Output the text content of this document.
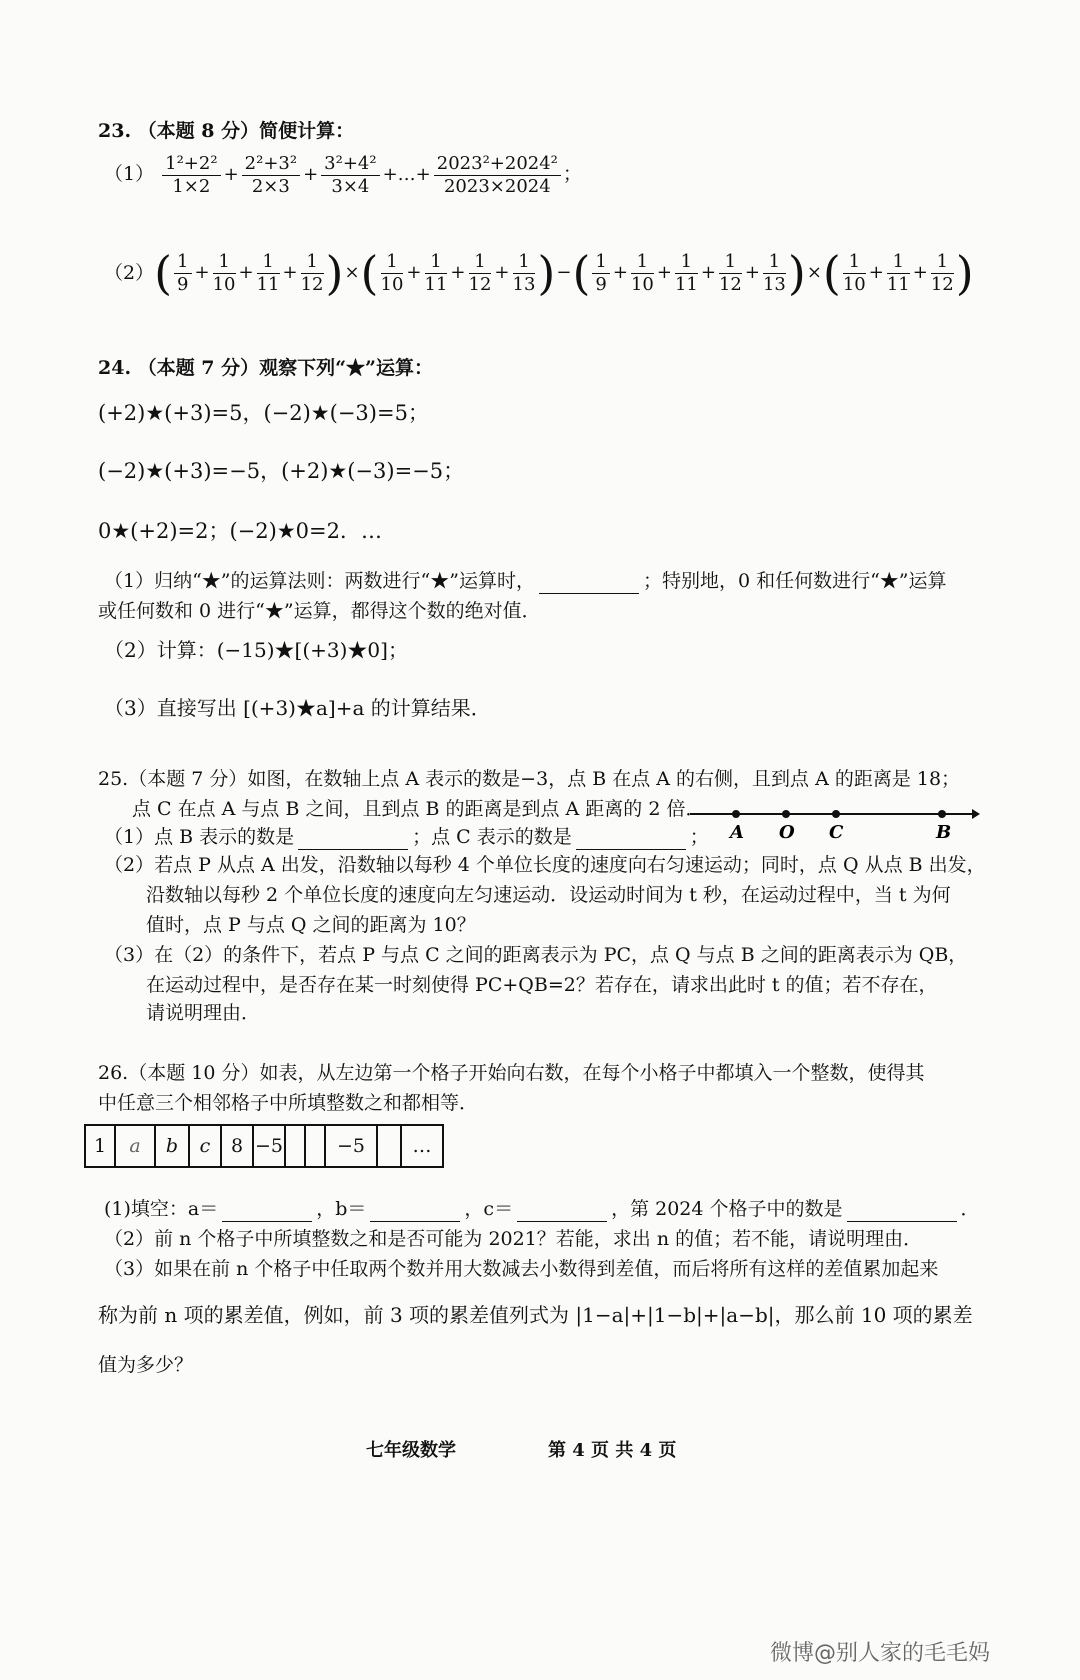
23. （本题 8 分）简便计算：
$(1) \frac{\text{1²+2²}}{1\times 2} + \frac{\text{2²+3²}}{2\times 3} + \frac{\text{3²+4²}}{3\times 4}$ +…+ $\frac{\text{2023²+2024²}}{2023\times 2024}$ ；
$(2)( \frac{1}{9} + \frac{1}{10} + \frac{1}{11} + \frac{1}{12}$ )×( $\frac{1}{10} + \frac{1}{11} + \frac{1}{12} + \frac{1}{13}$ )−( $\frac{1}{9} + \frac{1}{10} + \frac{1}{11} + \frac{1}{12} + \frac{1}{13}$ )×( $\frac{1}{10} + \frac{1}{11} + \frac{1}{12}$ )
24. （本题 7 分）观察下列“★”运算：
(+2)★(+3)=5，(−2)★(−3)=5；
(−2)★(+3)=−5，(+2)★(−3)=−5；
0★(+2)=2；(−2)★0=2．…
（1）归纳“★”的运算法则：两数进行“★”运算时，	；特别地，0 和任何数进行“★”运算
或任何数和 0 进行“★”运算，都得这个数的绝对值．
（2）计算：(−15)★[(+3)★0]；
（3）直接写出 [(+3)★a]+a 的计算结果．
25.（本题 7 分）如图，在数轴上点 A 表示的数是−3，点 B 在点 A 的右侧，且到点 A 的距离是 18；
点 C 在点 A 与点 B 之间，且到点 B 的距离是到点 A 距离的 2 倍．
（1）点 B 表示的数是	；点 C 表示的数是	； A O C	B
（2）若点 P 从点 A 出发，沿数轴以每秒 4 个单位长度的速度向右匀速运动；同时，点 Q 从点 B 出发，
沿数轴以每秒 2 个单位长度的速度向左匀速运动．设运动时间为 t 秒，在运动过程中，当 t 为何
值时，点 P 与点 Q 之间的距离为 10？
（3）在（2）的条件下，若点 P 与点 C 之间的距离表示为 PC，点 Q 与点 B 之间的距离表示为 QB，
在运动过程中，是否存在某一时刻使得 PC+QB=2？若存在，请求出此时 t 的值；若不存在，
请说明理由．
26.（本题 10 分）如表，从左边第一个格子开始向右数，在每个小格子中都填入一个整数，使得其
中任意三个相邻格子中所填整数之和都相等．
1	a	b	c	8	−5			−5		…
(1)填空：a＝	，b＝	，c＝	，第 2024 个格子中的数是	．
（2）前 n 个格子中所填整数之和是否可能为 2021？若能，求出 n 的值；若不能，请说明理由．
（3）如果在前 n 个格子中任取两个数并用大数减去小数得到差值，而后将所有这样的差值累加起来
称为前 n 项的累差值，例如，前 3 项的累差值列式为 |1−a|+|1−b|+|a−b|，那么前 10 项的累差
值为多少？
七年级数学	第 4 页 共 4 页
微博@别人家的毛毛妈
